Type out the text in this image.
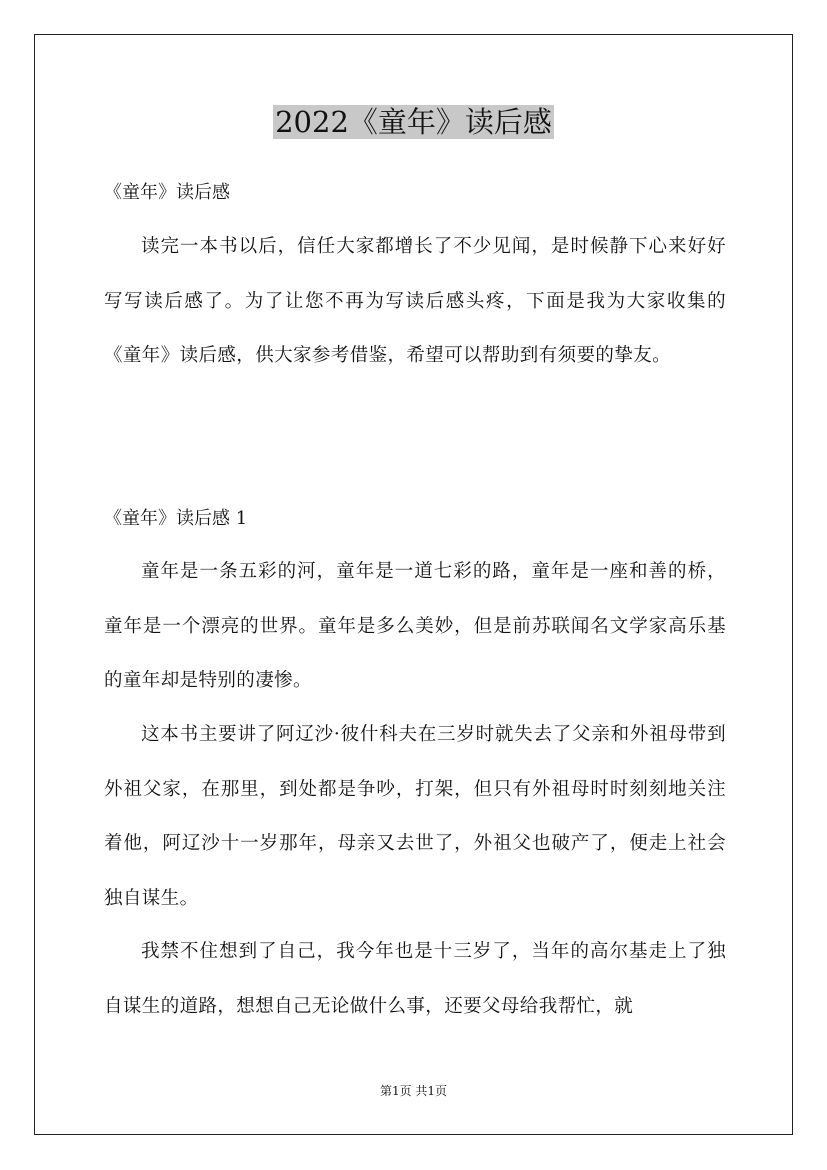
2022《童年》读后感
《童年》读后感
读完一本书以后，信任大家都增长了不少见闻，是时候静下心来好好写写读后感了。为了让您不再为写读后感头疼，下面是我为大家收集的《童年》读后感，供大家参考借鉴，希望可以帮助到有须要的挚友。
《童年》读后感 1
童年是一条五彩的河，童年是一道七彩的路，童年是一座和善的桥，童年是一个漂亮的世界。童年是多么美妙，但是前苏联闻名文学家高乐基的童年却是特别的凄惨。
这本书主要讲了阿辽沙·彼什科夫在三岁时就失去了父亲和外祖母带到外祖父家，在那里，到处都是争吵，打架，但只有外祖母时时刻刻地关注着他，阿辽沙十一岁那年，母亲又去世了，外祖父也破产了，便走上社会独自谋生。
我禁不住想到了自己，我今年也是十三岁了，当年的高尔基走上了独自谋生的道路，想想自己无论做什么事，还要父母给我帮忙，就
第1页 共1页
